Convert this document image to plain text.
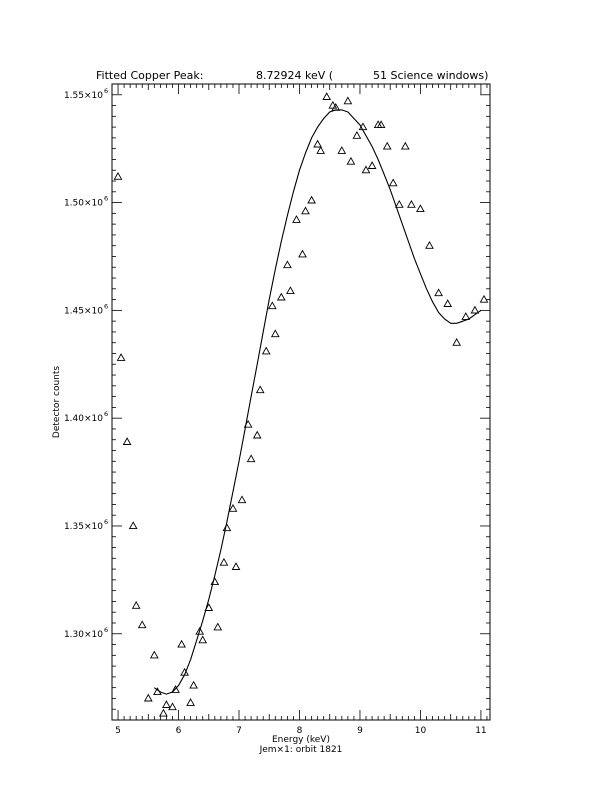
Fitted Copper Peak:	8.72924 keV (	51 Science windows)
5	6	7	8	9	10	11
1.30×10 6
1.35×10 6
1.40×10 6
1.45×10 6
1.50×10 6
1.55×10 6
Energy (keV)
Detector counts
Jem×1: orbit 1821
